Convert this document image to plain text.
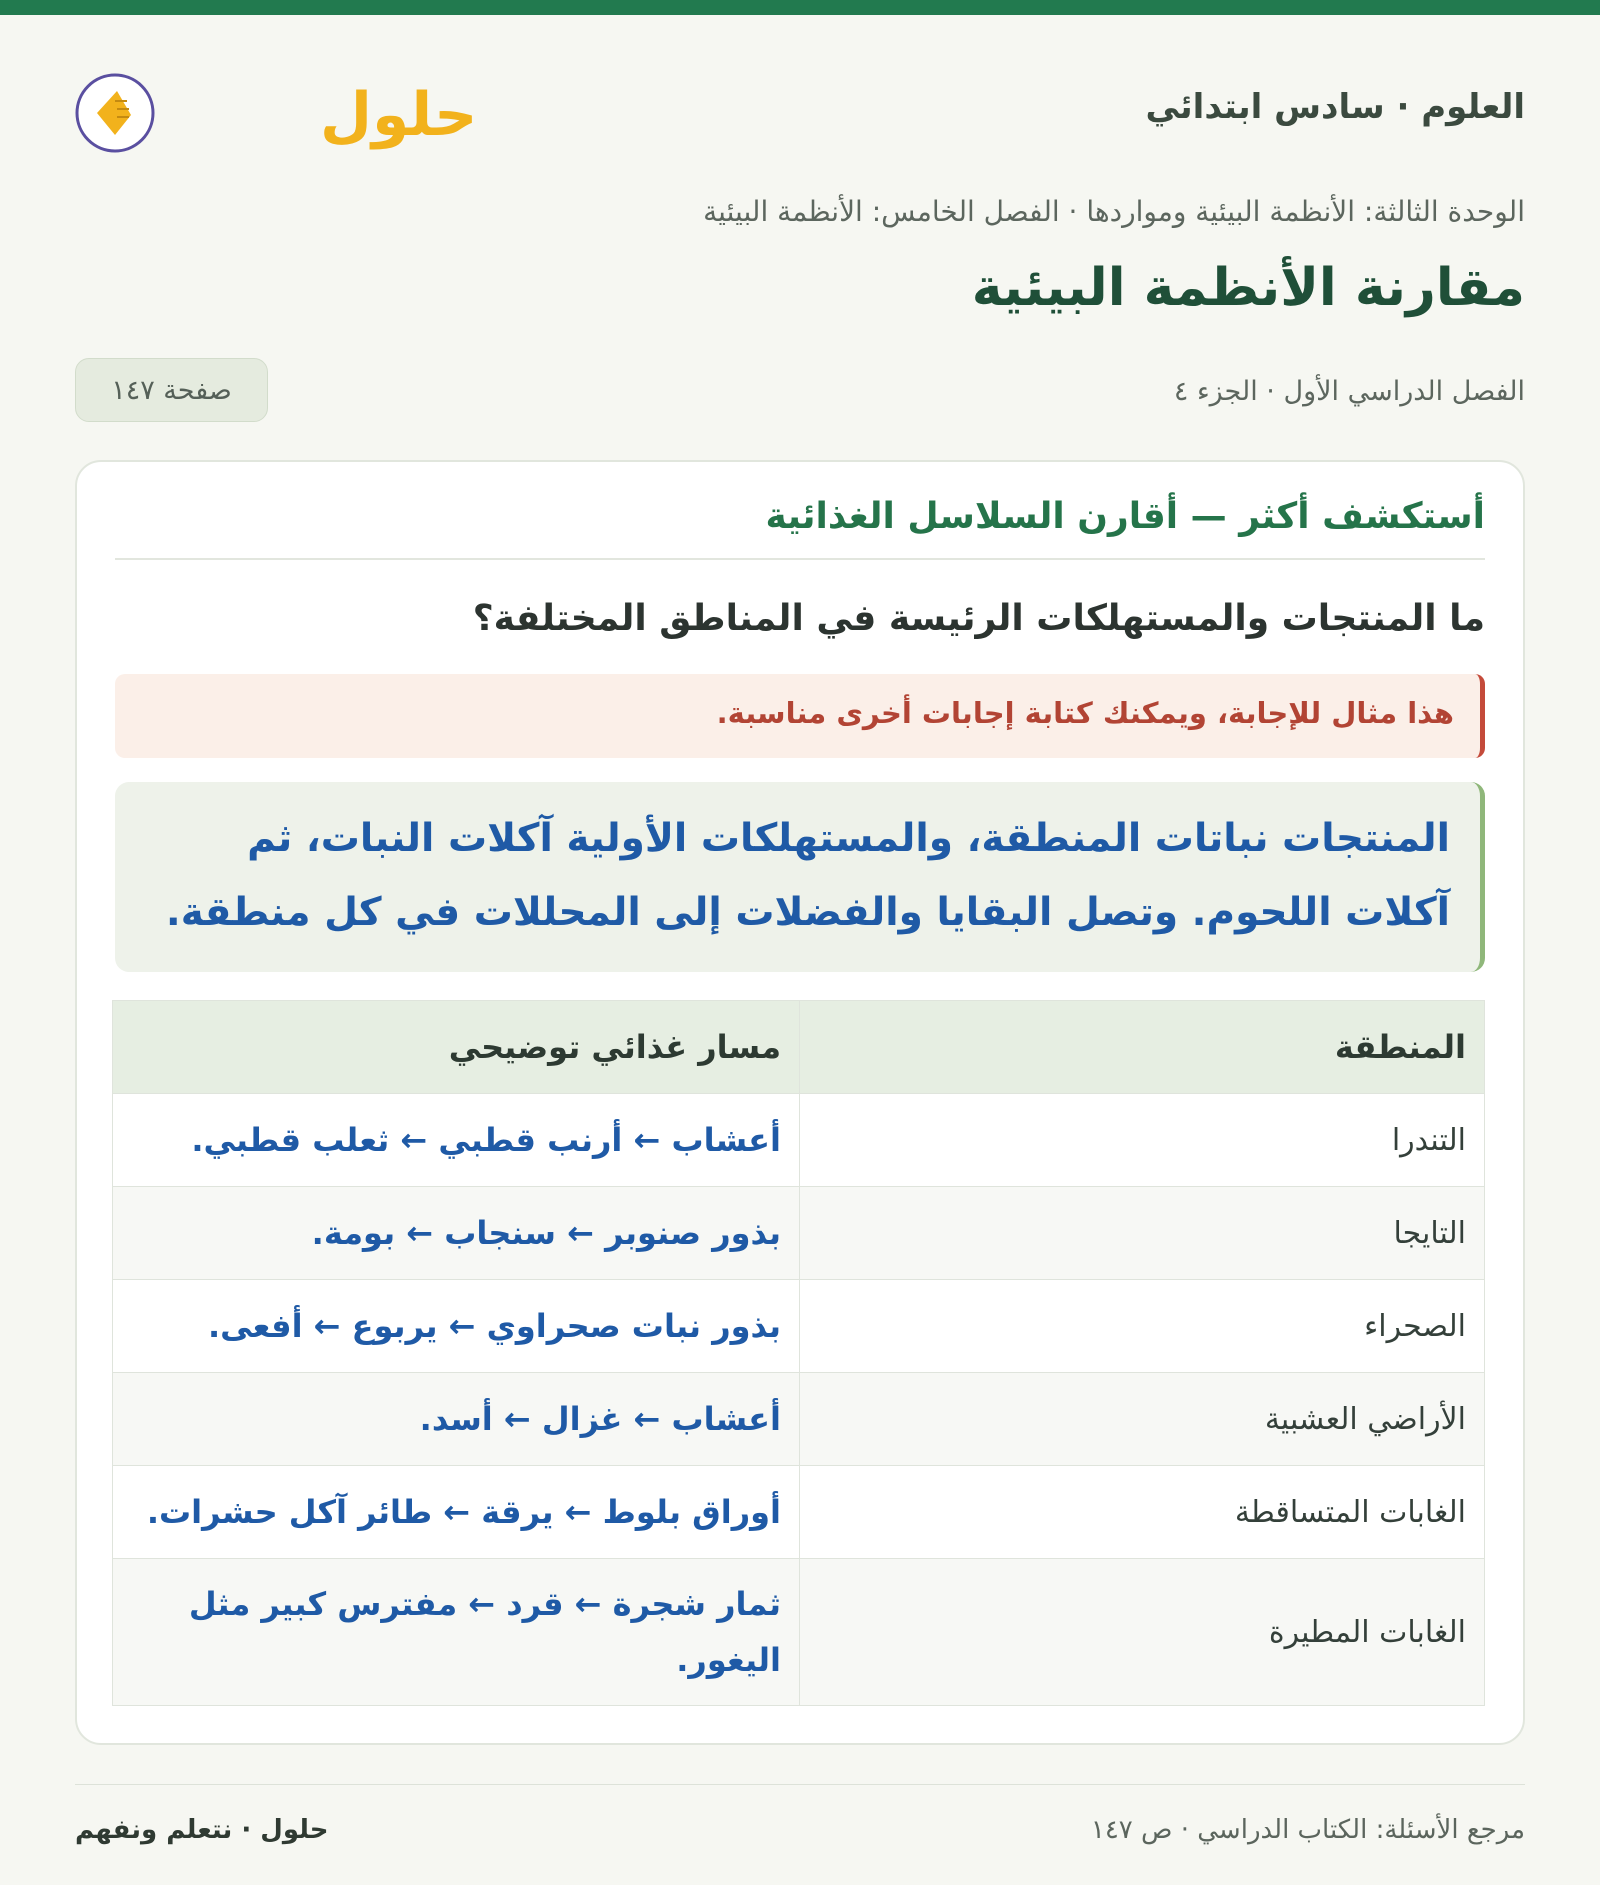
العلوم · سادس ابتدائي
حلول
الوحدة الثالثة: الأنظمة البيئية ومواردها · الفصل الخامس: الأنظمة البيئية
مقارنة الأنظمة البيئية
الفصل الدراسي الأول · الجزء ٤
صفحة ١٤٧
أستكشف أكثر — أقارن السلاسل الغذائية
ما المنتجات والمستهلكات الرئيسة في المناطق المختلفة؟
هذا مثال للإجابة، ويمكنك كتابة إجابات أخرى مناسبة.
المنتجات نباتات المنطقة، والمستهلكات الأولية آكلات النبات، ثم آكلات اللحوم. وتصل البقايا والفضلات إلى المحللات في كل منطقة.
المنطقة	مسار غذائي توضيحي
التندرا	أعشاب ← أرنب قطبي ← ثعلب قطبي.
التايجا	بذور صنوبر ← سنجاب ← بومة.
الصحراء	بذور نبات صحراوي ← يربوع ← أفعى.
الأراضي العشبية	أعشاب ← غزال ← أسد.
الغابات المتساقطة	أوراق بلوط ← يرقة ← طائر آكل حشرات.
الغابات المطيرة	ثمار شجرة ← قرد ← مفترس كبير مثل اليغور.
مرجع الأسئلة: الكتاب الدراسي · ص ١٤٧
حلول · نتعلم ونفهم
